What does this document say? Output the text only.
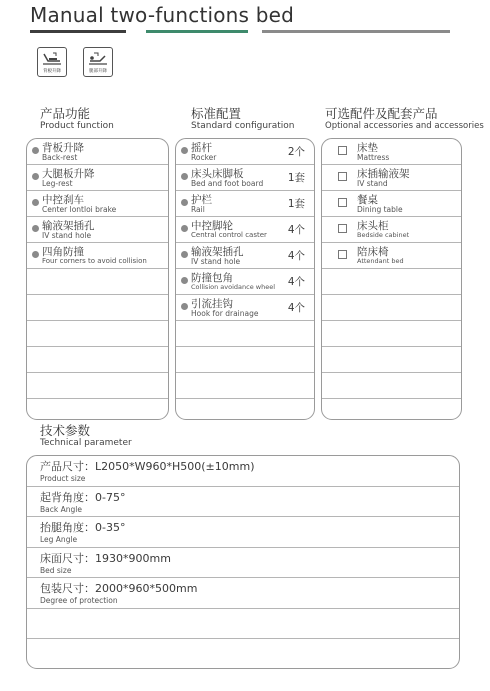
Manual two-functions bed
背板升降	腿部升降
产品功能
Product function
标准配置
Standard configuration
可选配件及配套产品
Optional accessories and accessories
背板升降
Back-rest
大腿板升降
Leg-rest
中控刹车
Center lontloi brake
输液架插孔
IV stand hole
四角防撞
Four corners to avoid collision
摇杆
Rocker	2个
床头床脚板
Bed and foot board 1套
护栏
Rail	1套
中控脚轮
Central control caster 4个
输液架插孔
IV stand hole	4个
防撞包角
Collision avoidance wheel 4个
引流挂钩
Hook for drainage	4个
床垫
Mattress
床插输液架
IV stand
餐桌
Dining table
床头柜
Bedside cabinet
陪床椅
Attendant bed
技术参数
Technical parameter
产品尺寸：L2050*W960*H500(±10mm)
Product size
起背角度：0-75°
Back Angle
抬腿角度：0-35°
Leg Angle
床面尺寸：1930*900mm
Bed size
包装尺寸：2000*960*500mm
Degree of protection
